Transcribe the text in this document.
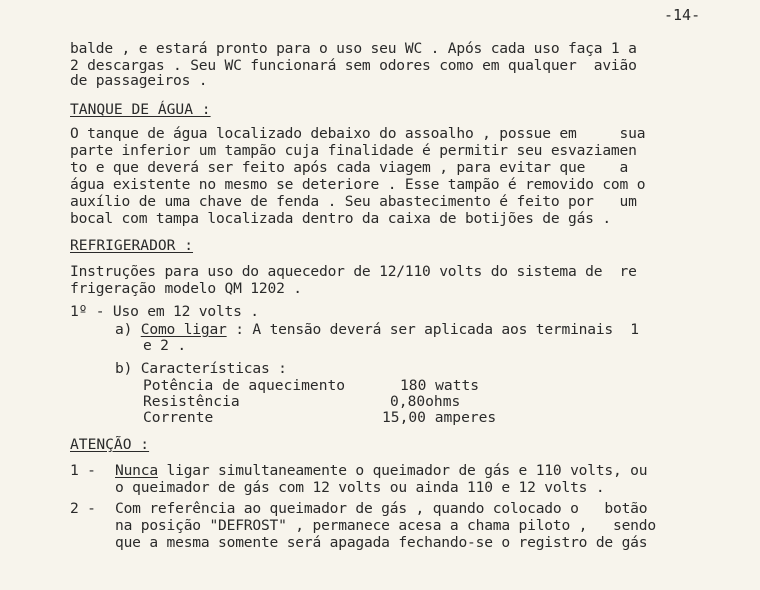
-14-
balde , e estará pronto para o uso seu WC . Após cada uso faça 1 a
2 descargas . Seu WC funcionará sem odores como em qualquer  avião
de passageiros .
TANQUE DE ÁGUA :
O tanque de água localizado debaixo do assoalho , possue em     sua
parte inferior um tampão cuja finalidade é permitir seu esvaziamen
to e que deverá ser feito após cada viagem , para evitar que    a
água existente no mesmo se deteriore . Esse tampão é removido com o
auxílio de uma chave de fenda . Seu abastecimento é feito por   um
bocal com tampa localizada dentro da caixa de botijões de gás .
REFRIGERADOR :
Instruções para uso do aquecedor de 12/110 volts do sistema de  re
frigeração modelo QM 1202 .
1º - Uso em 12 volts .
a) Como ligar : A tensão deverá ser aplicada aos terminais  1
e 2 .
b) Características :
Potência de aquecimento	180 watts
Resistência	0,80ohms
Corrente	15,00 amperes
ATENÇÃO :
1 -	Nunca ligar simultaneamente o queimador de gás e 110 volts, ou
o queimador de gás com 12 volts ou ainda 110 e 12 volts .
2 -	Com referência ao queimador de gás , quando colocado o   botão
na posição "DEFROST" , permanece acesa a chama piloto ,   sendo
que a mesma somente será apagada fechando-se o registro de gás
